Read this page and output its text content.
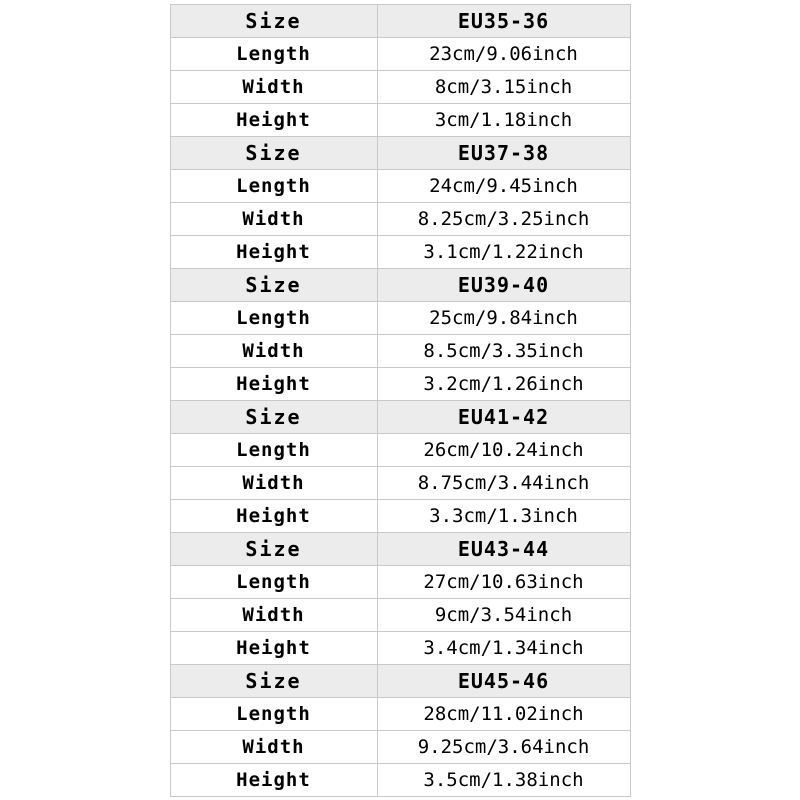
Size	EU35-36
Length	23cm/9.06inch
Width	8cm/3.15inch
Height	3cm/1.18inch
Size	EU37-38
Length	24cm/9.45inch
Width	8.25cm/3.25inch
Height	3.1cm/1.22inch
Size	EU39-40
Length	25cm/9.84inch
Width	8.5cm/3.35inch
Height	3.2cm/1.26inch
Size	EU41-42
Length	26cm/10.24inch
Width	8.75cm/3.44inch
Height	3.3cm/1.3inch
Size	EU43-44
Length	27cm/10.63inch
Width	9cm/3.54inch
Height	3.4cm/1.34inch
Size	EU45-46
Length	28cm/11.02inch
Width	9.25cm/3.64inch
Height	3.5cm/1.38inch
